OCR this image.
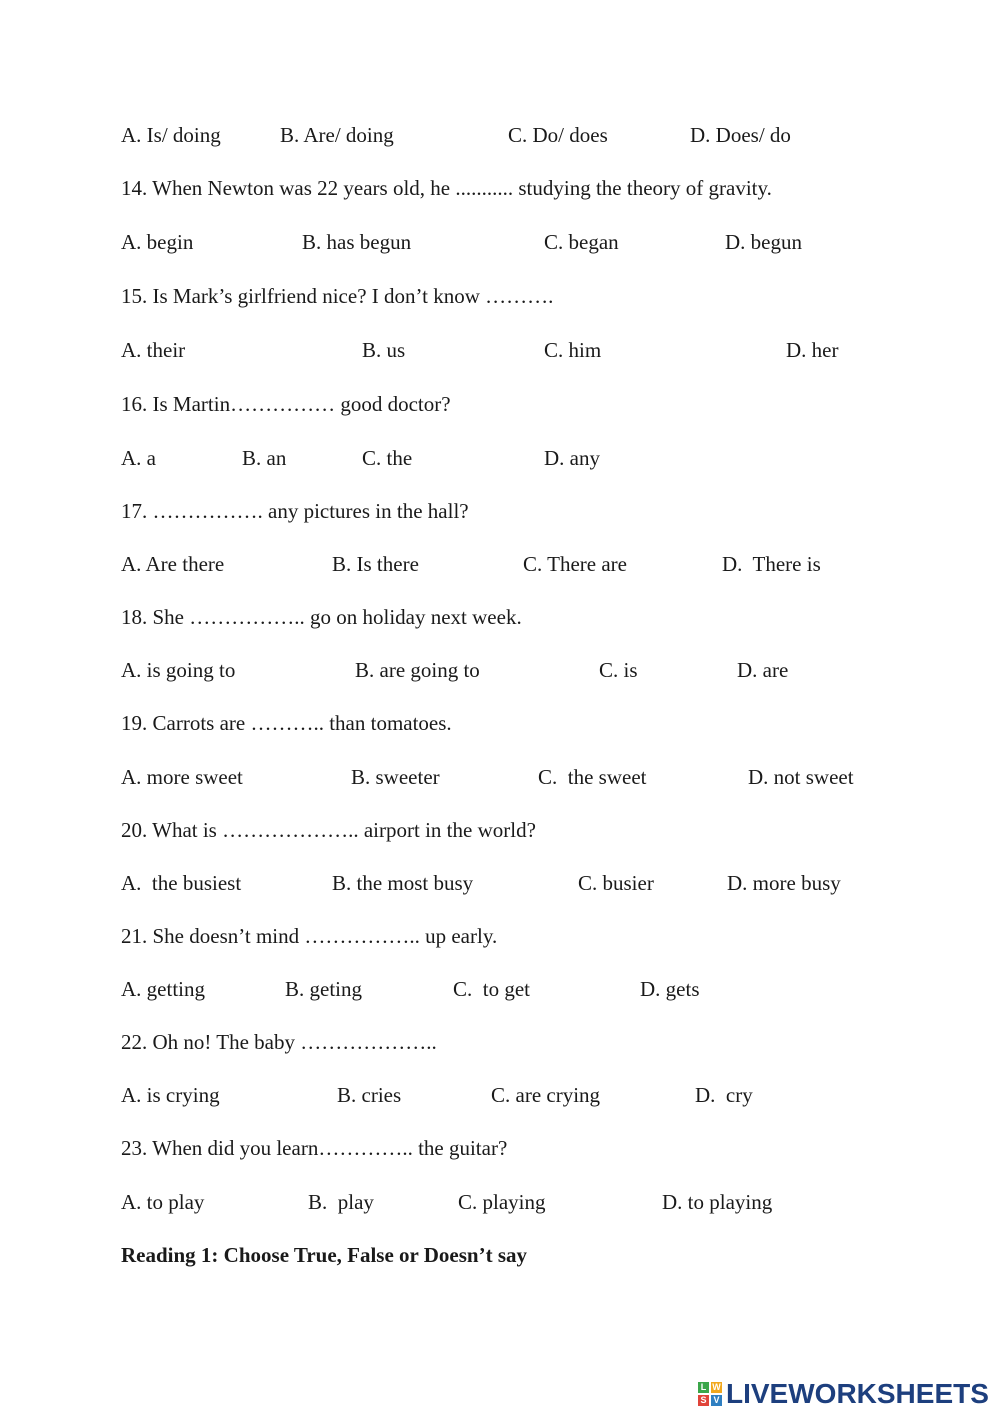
A. Is/ doing

	B. Are/ doing

	C. Do/ does

	D. Does/ do

14. When Newton was 22 years old, he ........... studying the theory of gravity.

A. begin

	B. has begun

	C. began

	D. begun

15. Is Mark’s girlfriend nice? I don’t know ……….

A. their

	B. us

	C. him

	D. her

16. Is Martin…………… good doctor?

A. a

	B. an

	C. the

	D. any

17. ……………. any pictures in the hall?

A. Are there

	B. Is there

	C. There are

	D.  There is

18. She …………….. go on holiday next week.

A. is going to

	B. are going to

	C. is

	D. are

19. Carrots are ……….. than tomatoes.

A. more sweet

	B. sweeter

	C.  the sweet

	D. not sweet

20. What is ……………….. airport in the world?

A.  the busiest

	B. the most busy

	C. busier

	D. more busy

21. She doesn’t mind …………….. up early.

A. getting

	B. geting

	C.  to get

	D. gets

22. Oh no! The baby ………………..

A. is crying

	B. cries

	C. are crying

	D.  cry

23. When did you learn………….. the guitar?

A. to play

	B.  play

	C. playing

	D. to playing

Reading 1: Choose True, False or Doesn’t say

L W
S V LIVEWORKSHEETS
